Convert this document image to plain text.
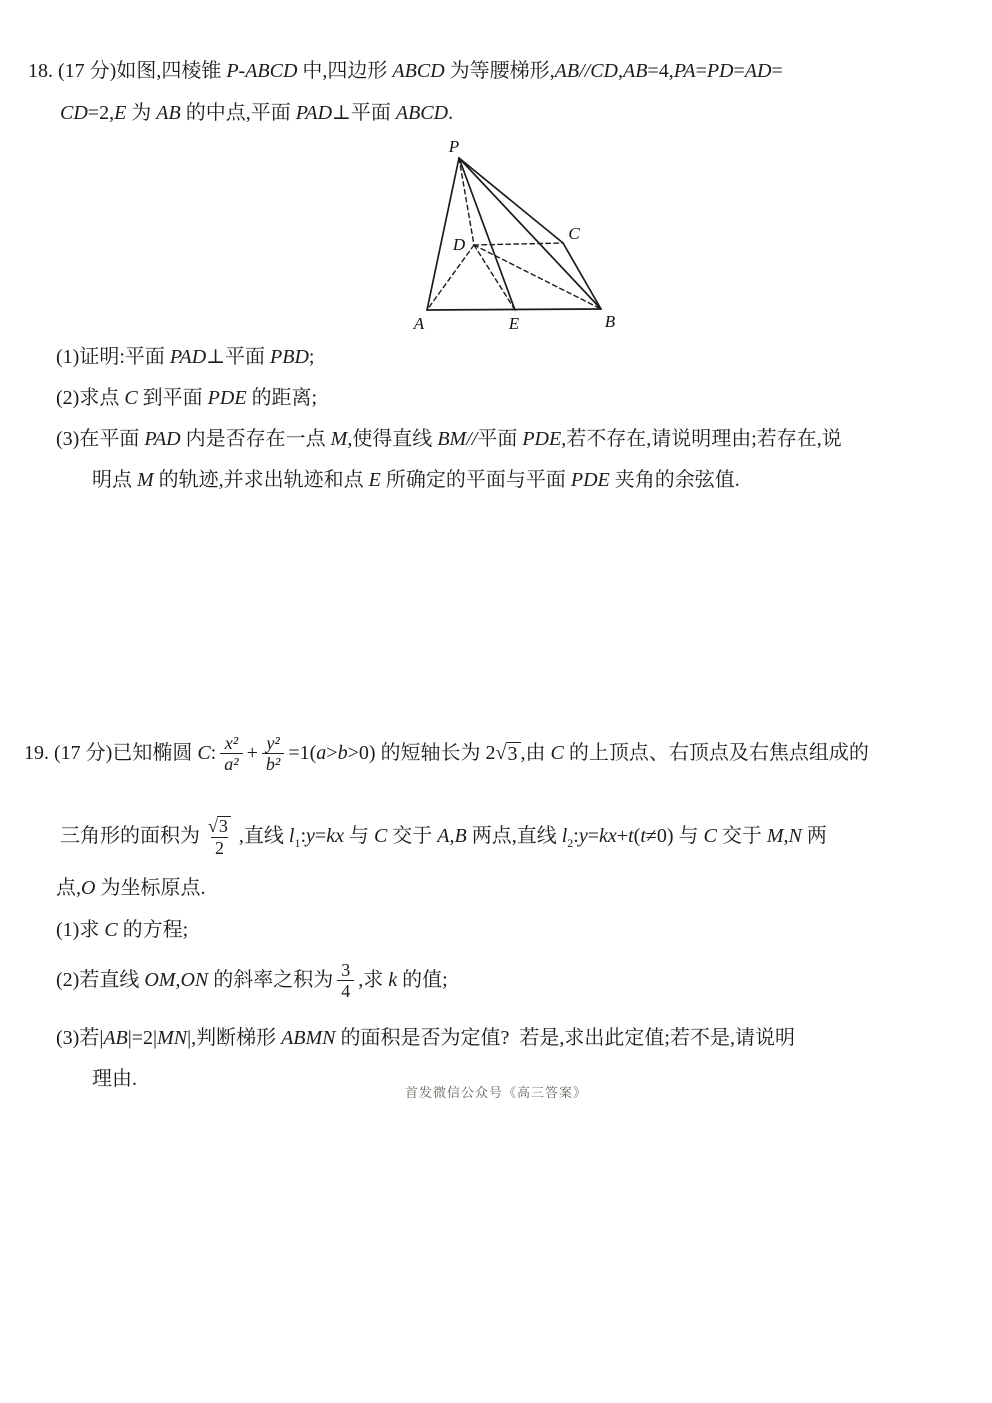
18. (17 分)如图,四棱锥 P-ABCD 中,四边形 ABCD 为等腰梯形, AB//CD , AB =4, PA = PD = AD =
CD =2, E 为 AB 的中点,平面 PAD ⊥平面 ABCD .
P
A	E	B
D
C
(1)证明:平面 PAD ⊥平面 PBD ;
(2)求点 C 到平面 PDE 的距离;
(3)在平面 PAD 内是否存在一点 M ,使得直线 BM // 平面 PDE ,若不存在,请说明理由;若存在,说
明点 M 的轨迹,并求出轨迹和点 E 所确定的平面与平面 PDE 夹角的余弦值.
19. (17 分)已知椭圆 C : $\frac{\text{x²}}{\text{a²}} + \frac{\text{y²}}{\text{b²}} =1$( a > b >0) 的短轴长为 2 √ 3 ,由 C 的上顶点、右顶点及右焦点组成的
三角形的面积为 $\frac{√ 3}{2}$ ,直线 l 1 : y = kx 与 C 交于 A , B 两点,直线 l 2 : y = kx + t ( t ≠0) 与 C 交于 M , N 两
点, O 为坐标原点.
(1)求 C 的方程;
(2)若直线 OM , ON 的斜率之积为 $\frac{3}{4}$ ,求 k 的值;
(3)若| AB |=2| MN |,判断梯形 ABMN 的面积是否为定值?  若是,求出此定值;若不是,请说明
理由.
首发微信公众号《高三答案》
